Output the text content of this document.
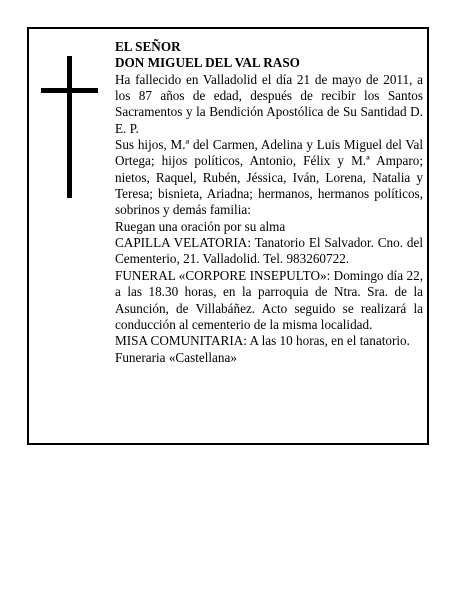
EL SEÑOR

DON MIGUEL DEL VAL RASO

Ha fallecido en Valladolid el día 21 de mayo de 2011, a los 87 años de edad, después de recibir los Santos Sacramentos y la Bendición Apostólica de Su Santidad D. E. P.

Sus hijos, M.ª del Carmen, Adelina y Luis Miguel del Val Ortega; hijos políticos, Antonio, Félix y M.ª Amparo; nietos, Raquel, Rubén, Jéssica, Iván, Lorena, Natalia y Teresa; bisnieta, Ariadna; hermanos, hermanos políticos, sobrinos y demás familia:

Ruegan una oración por su alma

CAPILLA VELATORIA: Tanatorio El Salvador. Cno. del Cementerio, 21. Valladolid. Tel. 983260722.

FUNERAL «CORPORE INSEPULTO»: Domingo día 22, a las 18.30 horas, en la parroquia de Ntra. Sra. de la Asunción, de Villabáñez. Acto seguido se realizará la conducción al cementerio de la misma localidad.

MISA COMUNITARIA: A las 10 horas, en el tanatorio.

Funeraria «Castellana»
